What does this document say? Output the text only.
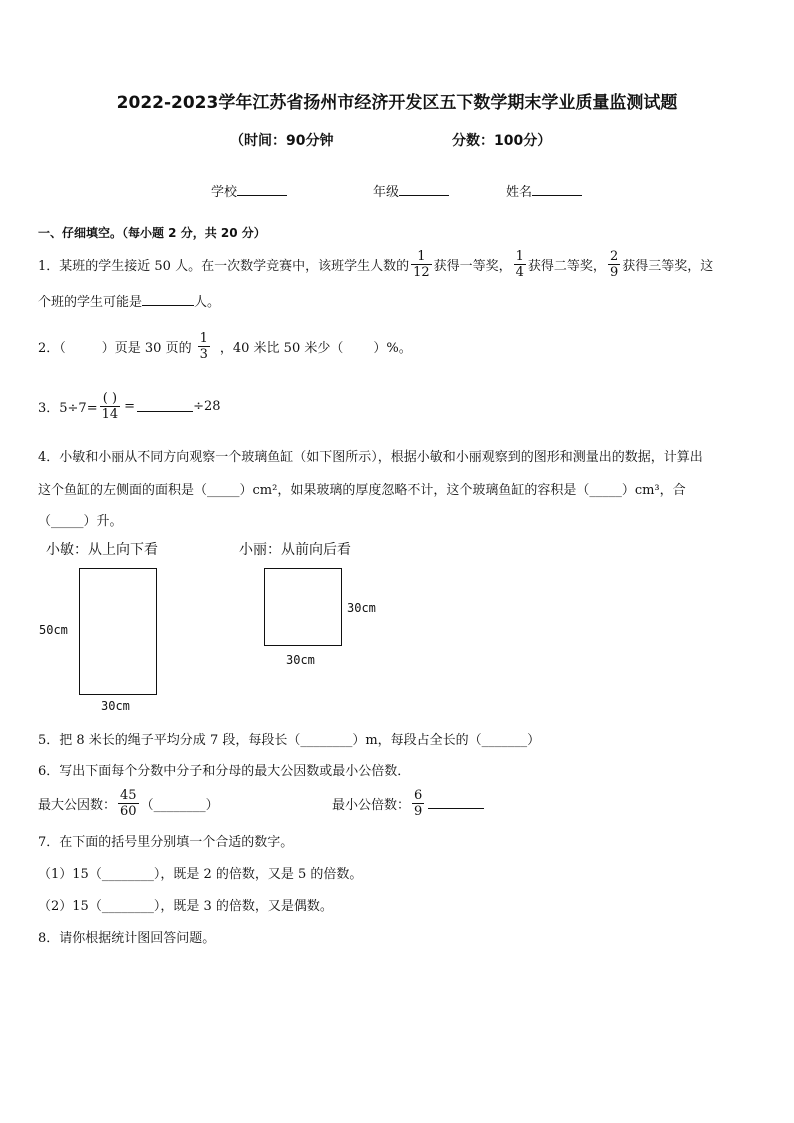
2022-2023学年江苏省扬州市经济开发区五下数学期末学业质量监测试题
（时间：90分钟	分数：100分）
学校	年级	姓名
一、仔细填空。（每小题 2 分，共 20 分）
1．某班的学生接近 50 人。在一次数学竞赛中，该班学生人数的 $\frac{1}{12}$ 获得一等奖， $\frac{1}{4}$ 获得二等奖， $\frac{2}{9}$ 获得三等奖，这
个班的学生可能是	人。
2．（	）页是 30 页的 $\frac{1}{3}$ ，40 米比 50 米少（ ）%。
3．$5\div 7= \frac{( )}{14}$ =	÷28
4．小敏和小丽从不同方向观察一个玻璃鱼缸（如下图所示），根据小敏和小丽观察到的图形和测量出的数据，计算出
这个鱼缸的左侧面的面积是（_____）cm²，如果玻璃的厚度忽略不计，这个玻璃鱼缸的容积是（_____）cm³，合
（_____）升。
小敏：从上向下看	小丽：从前向后看
50cm
30cm
30cm
30cm
5．把 8 米长的绳子平均分成 7 段，每段长（________）m，每段占全长的（_______）
6．写出下面每个分数中分子和分母的最大公因数或最小公倍数．
最大公因数： $\frac{45}{60}$ （________）	最小公倍数： $\frac{6}{9}$
7．在下面的括号里分别填一个合适的数字。
（1）15（________），既是 2 的倍数，又是 5 的倍数。
（2）15（________），既是 3 的倍数，又是偶数。
8．请你根据统计图回答问题。
